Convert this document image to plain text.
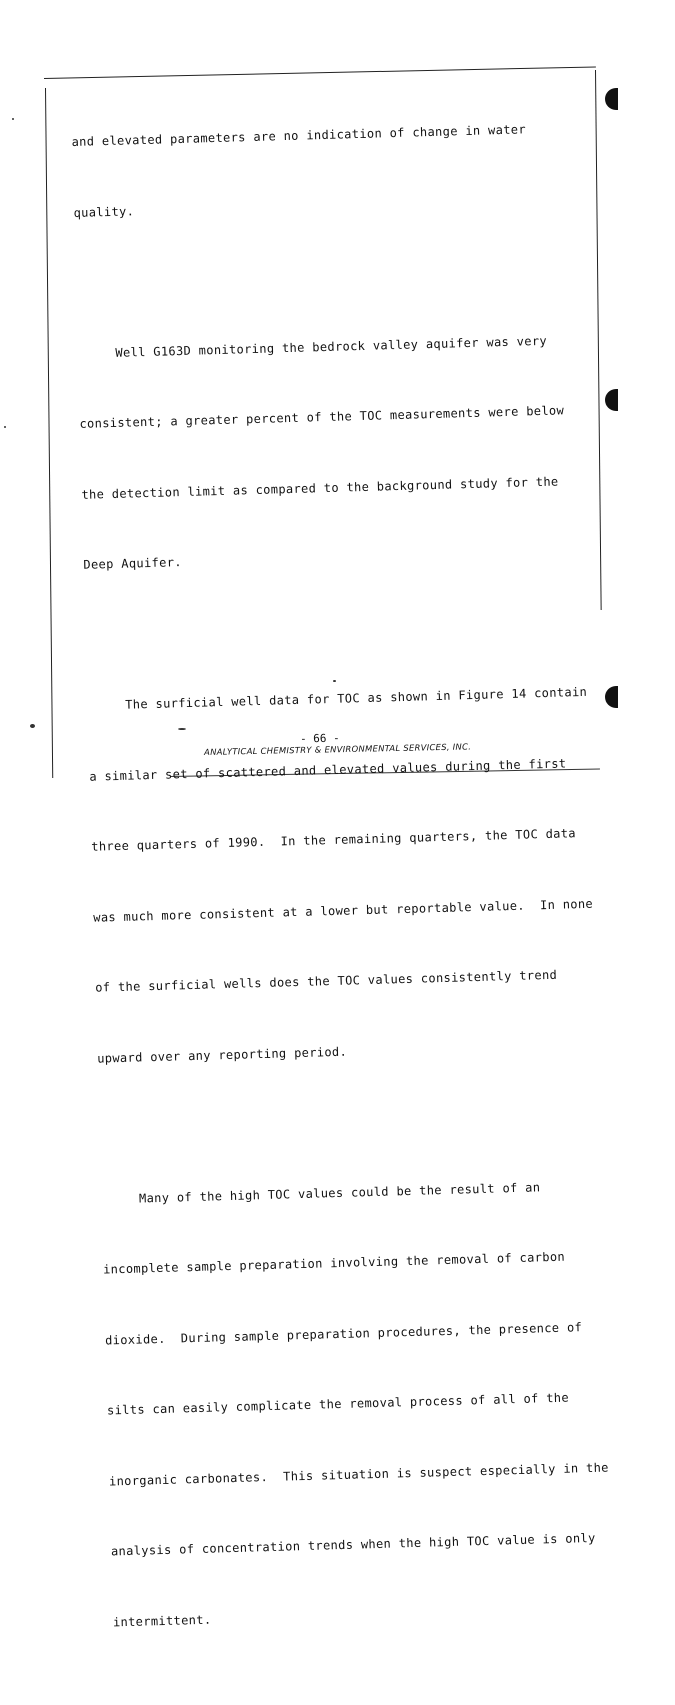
and elevated parameters are no indication of change in water

quality.

Well G163D monitoring the bedrock valley aquifer was very

consistent; a greater percent of the TOC measurements were below

the detection limit as compared to the background study for the

Deep Aquifer.

The surficial well data for TOC as shown in Figure 14 contain

a similar set of scattered and elevated values during the first

three quarters of 1990.  In the remaining quarters, the TOC data

was much more consistent at a lower but reportable value.  In none

of the surficial wells does the TOC values consistently trend

upward over any reporting period.

Many of the high TOC values could be the result of an

incomplete sample preparation involving the removal of carbon

dioxide.  During sample preparation procedures, the presence of

silts can easily complicate the removal process of all of the

inorganic carbonates.  This situation is suspect especially in the

analysis of concentration trends when the high TOC value is only

intermittent.

- 66 -
ANALYTICAL CHEMISTRY & ENVIRONMENTAL SERVICES, INC.
